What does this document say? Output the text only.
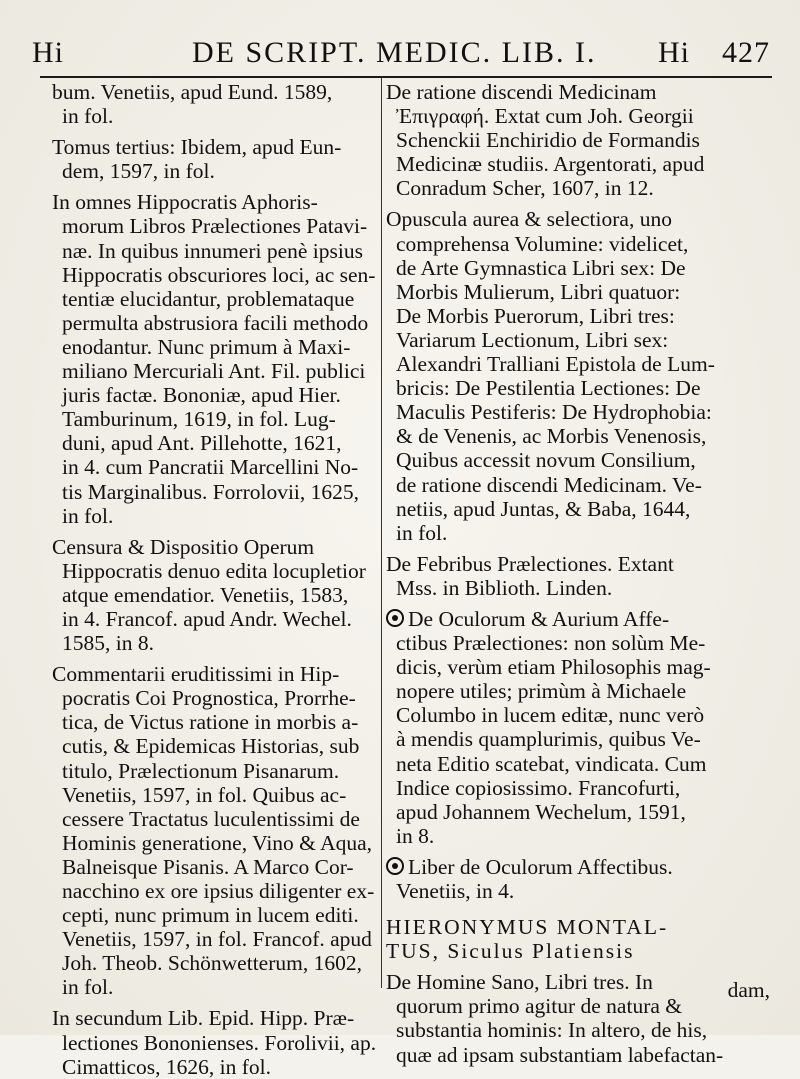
Hi	DE SCRIPT. MEDIC. LIB. I. Hi 427
bum. Venetiis, apud Eund. 1589,
in fol.
Tomus tertius: Ibidem, apud Eun-
dem, 1597, in fol.
In omnes Hippocratis Aphoris-
morum Libros Prælectiones Patavi-
næ. In quibus innumeri penè ipsius
Hippocratis obscuriores loci, ac sen-
tentiæ elucidantur, problemataque
permulta abstrusiora facili methodo
enodantur. Nunc primum à Maxi-
miliano Mercuriali Ant. Fil. publici
juris factæ. Bononiæ, apud Hier.
Tamburinum, 1619, in fol. Lug-
duni, apud Ant. Pillehotte, 1621,
in 4. cum Pancratii Marcellini No-
tis Marginalibus. Forrolovii, 1625,
in fol.
Censura & Dispositio Operum
Hippocratis denuo edita locupletior
atque emendatior. Venetiis, 1583,
in 4. Francof. apud Andr. Wechel.
1585, in 8.
Commentarii eruditissimi in Hip-
pocratis Coi Prognostica, Prorrhe-
tica, de Victus ratione in morbis a-
cutis, & Epidemicas Historias, sub
titulo, Prælectionum Pisanarum.
Venetiis, 1597, in fol. Quibus ac-
cessere Tractatus luculentissimi de
Hominis generatione, Vino & Aqua,
Balneisque Pisanis. A Marco Cor-
nacchino ex ore ipsius diligenter ex-
cepti, nunc primum in lucem editi.
Venetiis, 1597, in fol. Francof. apud
Joh. Theob. Schönwetterum, 1602,
in fol.
In secundum Lib. Epid. Hipp. Præ-
lectiones Bononienses. Forolivii, ap.
Cimatticos, 1626, in fol.
De ratione discendi Medicinam
Ἐπιγραφή. Extat cum Joh. Georgii
Schenckii Enchiridio de Formandis
Medicinæ studiis. Argentorati, apud
Conradum Scher, 1607, in 12.
Opuscula aurea & selectiora, uno
comprehensa Volumine: videlicet,
de Arte Gymnastica Libri sex: De
Morbis Mulierum, Libri quatuor:
De Morbis Puerorum, Libri tres:
Variarum Lectionum, Libri sex:
Alexandri Tralliani Epistola de Lum-
bricis: De Pestilentia Lectiones: De
Maculis Pestiferis: De Hydrophobia:
& de Venenis, ac Morbis Venenosis,
Quibus accessit novum Consilium,
de ratione discendi Medicinam. Ve-
netiis, apud Juntas, & Baba, 1644,
in fol.
De Febribus Prælectiones. Extant
Mss. in Biblioth. Linden.
De Oculorum & Aurium Affe-
ctibus Prælectiones: non solùm Me-
dicis, verùm etiam Philosophis mag-
nopere utiles; primùm à Michaele
Columbo in lucem editæ, nunc verò
à mendis quamplurimis, quibus Ve-
neta Editio scatebat, vindicata. Cum
Indice copiosissimo. Francofurti,
apud Johannem Wechelum, 1591,
in 8.
Liber de Oculorum Affectibus.
Venetiis, in 4.
HIERONYMUS MONTAL-
TUS, Siculus Platiensis
De Homine Sano, Libri tres. In
quorum primo agitur de natura &
substantia hominis: In altero, de his,
quæ ad ipsam substantiam labefactan-
dam,
